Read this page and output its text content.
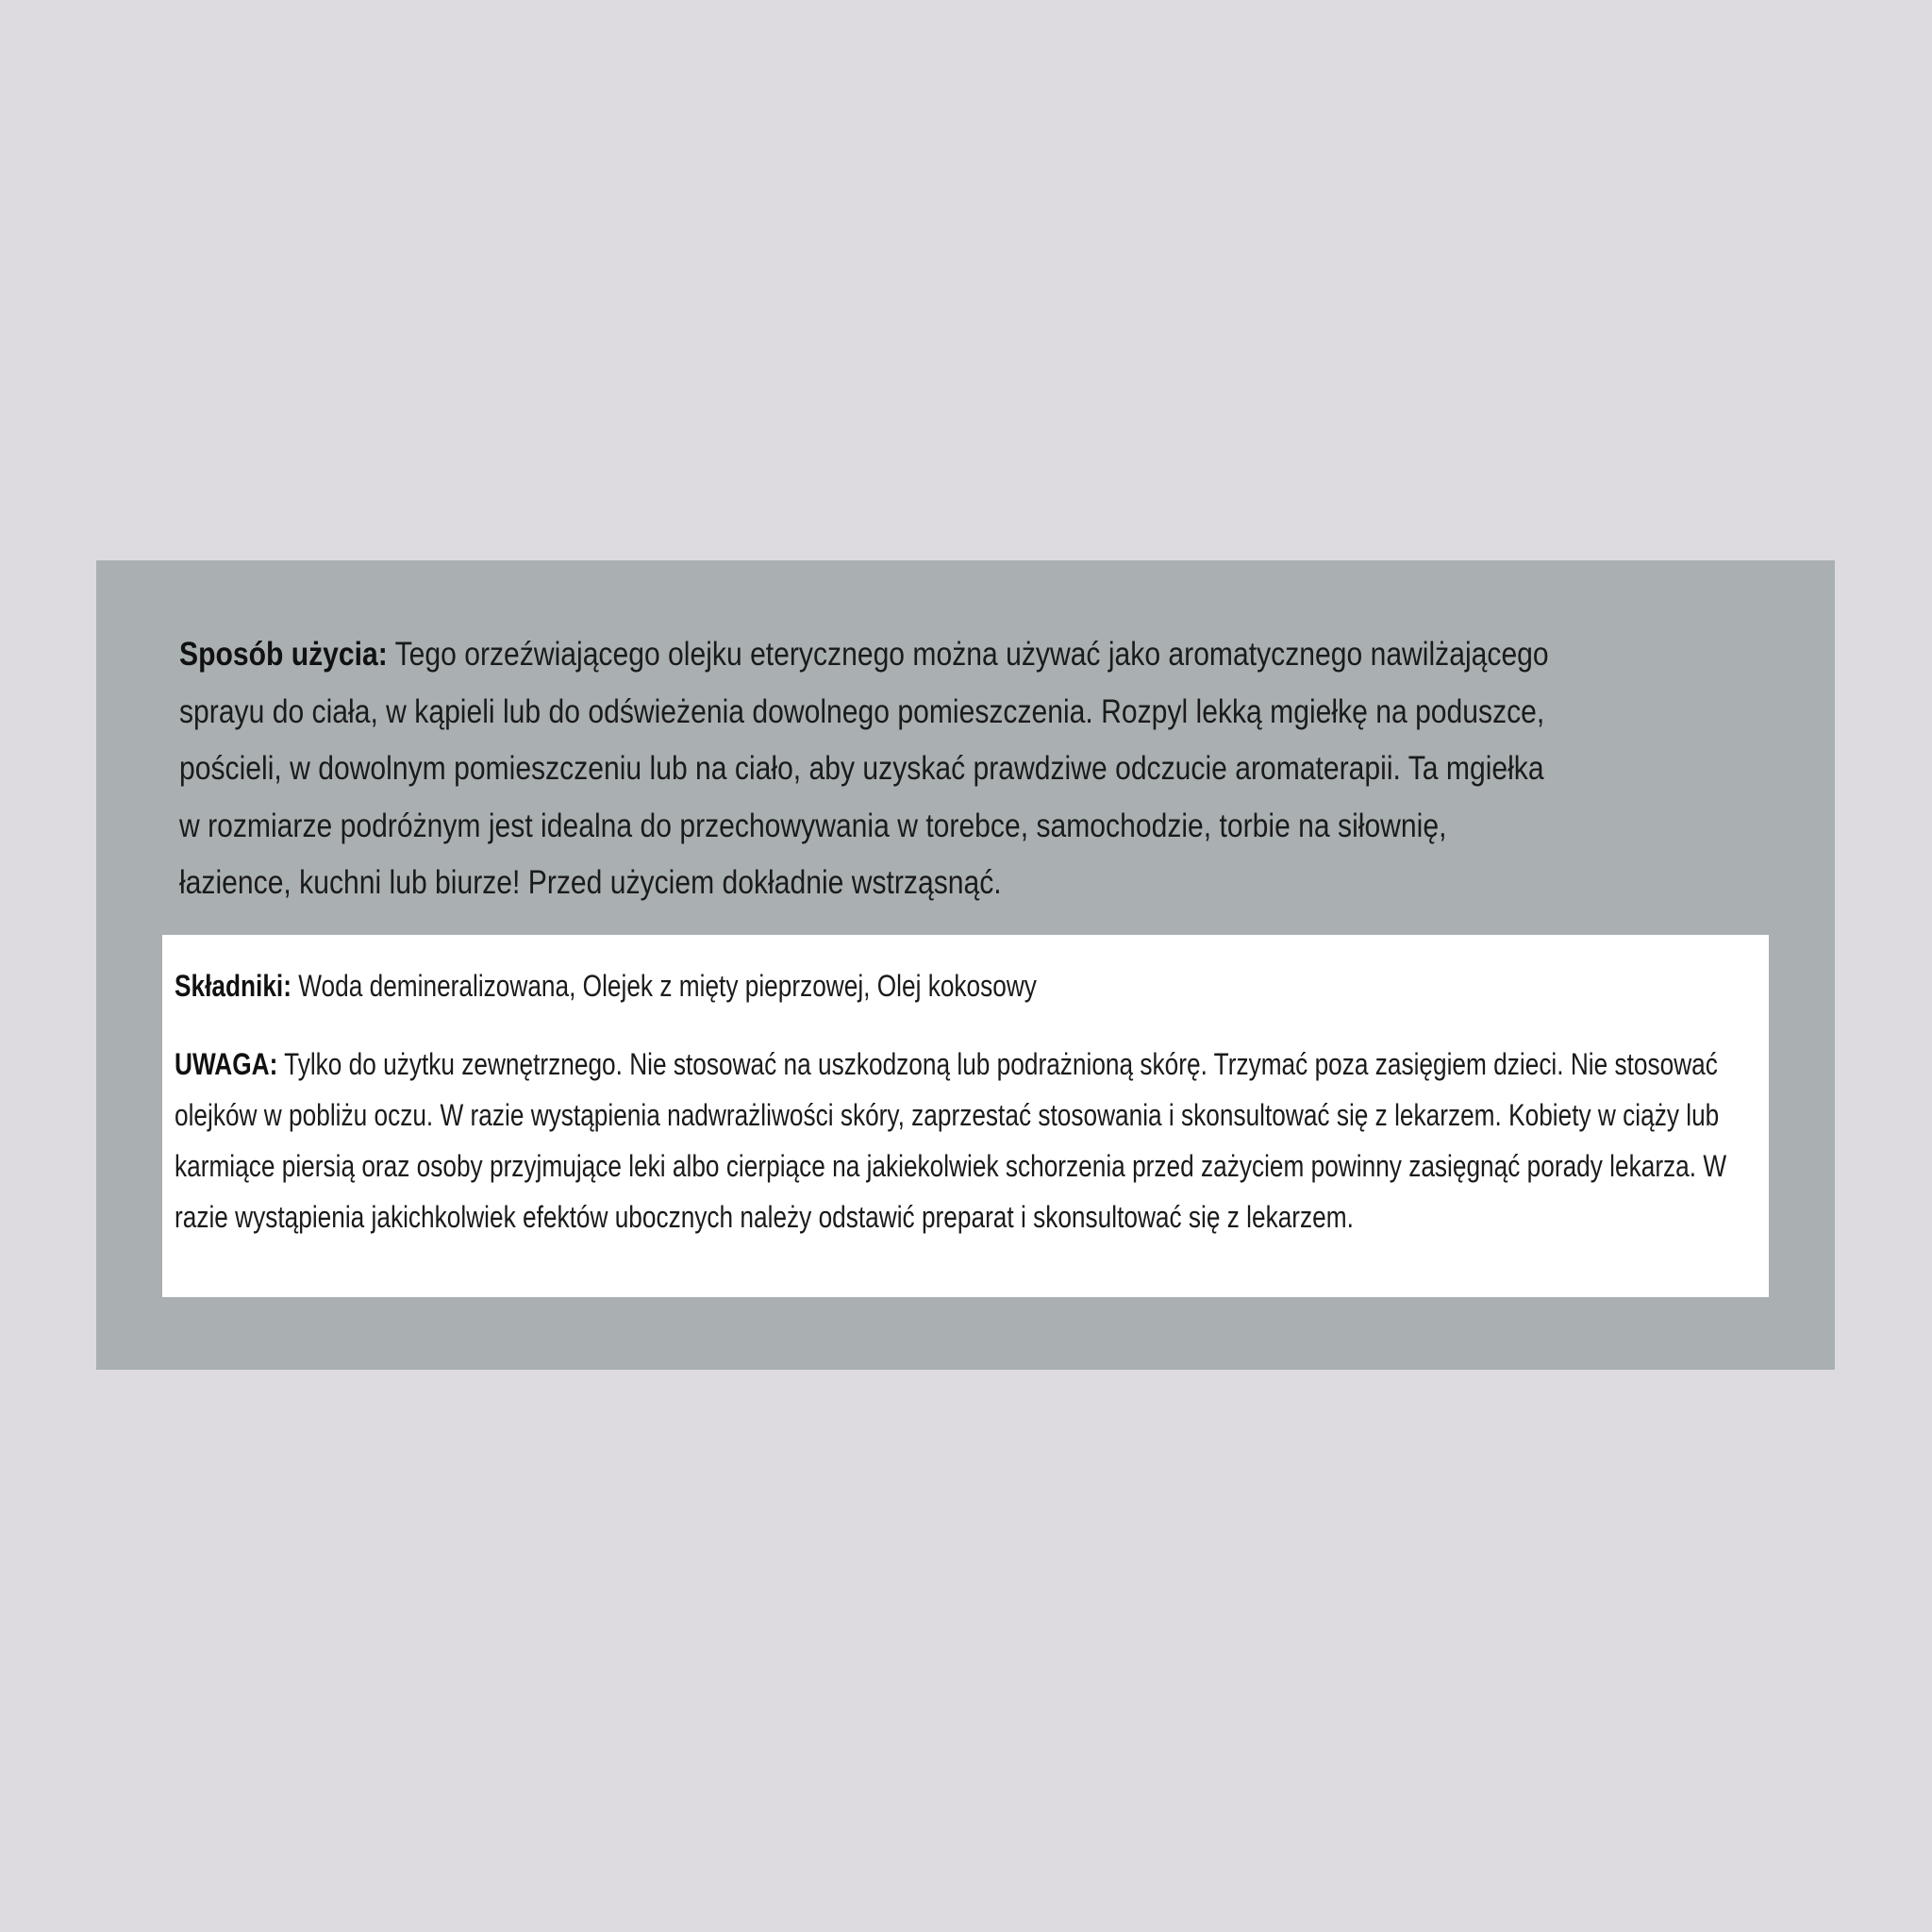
Sposób użycia: Tego orzeźwiającego olejku eterycznego można używać jako aromatycznego nawilżającego sprayu do ciała, w kąpieli lub do odświeżenia dowolnego pomieszczenia. Rozpyl lekką mgiełkę na poduszce, pościeli, w dowolnym pomieszczeniu lub na ciało, aby uzyskać prawdziwe odczucie aromaterapii. Ta mgiełka w rozmiarze podróżnym jest idealna do przechowywania w torebce, samochodzie, torbie na siłownię, łazience, kuchni lub biurze! Przed użyciem dokładnie wstrząsnąć.

Składniki: Woda demineralizowana, Olejek z mięty pieprzowej, Olej kokosowy

UWAGA: Tylko do użytku zewnętrznego. Nie stosować na uszkodzoną lub podrażnioną skórę. Trzymać poza zasięgiem dzieci. Nie stosować olejków w pobliżu oczu. W razie wystąpienia nadwrażliwości skóry, zaprzestać stosowania i skonsultować się z lekarzem. Kobiety w ciąży lub karmiące piersią oraz osoby przyjmujące leki albo cierpiące na jakiekolwiek schorzenia przed zażyciem powinny zasięgnąć porady lekarza. W razie wystąpienia jakichkolwiek efektów ubocznych należy odstawić preparat i skonsultować się z lekarzem.
